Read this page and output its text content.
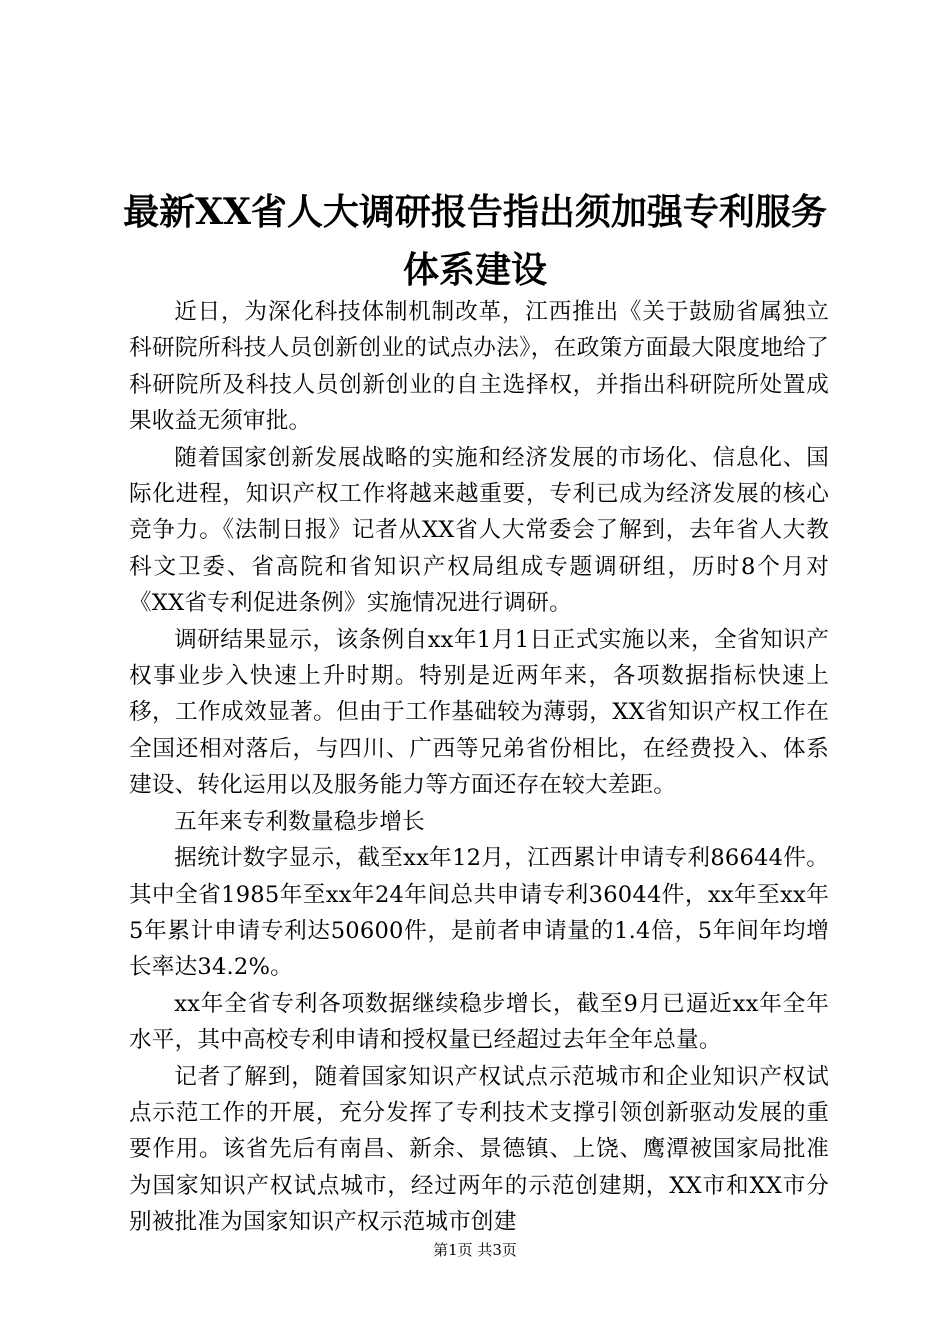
最新XX省人大调研报告指出须加强专利服务
体系建设

近日，为深化科技体制机制改革，江西推出《关于鼓励省属独立科研院所科技人员创新创业的试点办法》，在政策方面最大限度地给了科研院所及科技人员创新创业的自主选择权，并指出科研院所处置成果收益无须审批。

随着国家创新发展战略的实施和经济发展的市场化、信息化、国际化进程，知识产权工作将越来越重要，专利已成为经济发展的核心竞争力。《法制日报》记者从XX省人大常委会了解到，去年省人大教科文卫委、省高院和省知识产权局组成专题调研组，历时8个月对《XX省专利促进条例》实施情况进行调研。

调研结果显示，该条例自xx年1月1日正式实施以来，全省知识产权事业步入快速上升时期。特别是近两年来，各项数据指标快速上移，工作成效显著。但由于工作基础较为薄弱，XX省知识产权工作在全国还相对落后，与四川、广西等兄弟省份相比，在经费投入、体系建设、转化运用以及服务能力等方面还存在较大差距。

五年来专利数量稳步增长

据统计数字显示，截至xx年12月，江西累计申请专利86644件。其中全省1985年至xx年24年间总共申请专利36044件，xx年至xx年5年累计申请专利达50600件，是前者申请量的1.4倍，5年间年均增长率达34.2%。

xx年全省专利各项数据继续稳步增长，截至9月已逼近xx年全年水平，其中高校专利申请和授权量已经超过去年全年总量。

记者了解到，随着国家知识产权试点示范城市和企业知识产权试点示范工作的开展，充分发挥了专利技术支撑引领创新驱动发展的重要作用。该省先后有南昌、新余、景德镇、上饶、鹰潭被国家局批准为国家知识产权试点城市，经过两年的示范创建期，XX市和XX市分别被批准为国家知识产权示范城市创建

第1页 共3页
